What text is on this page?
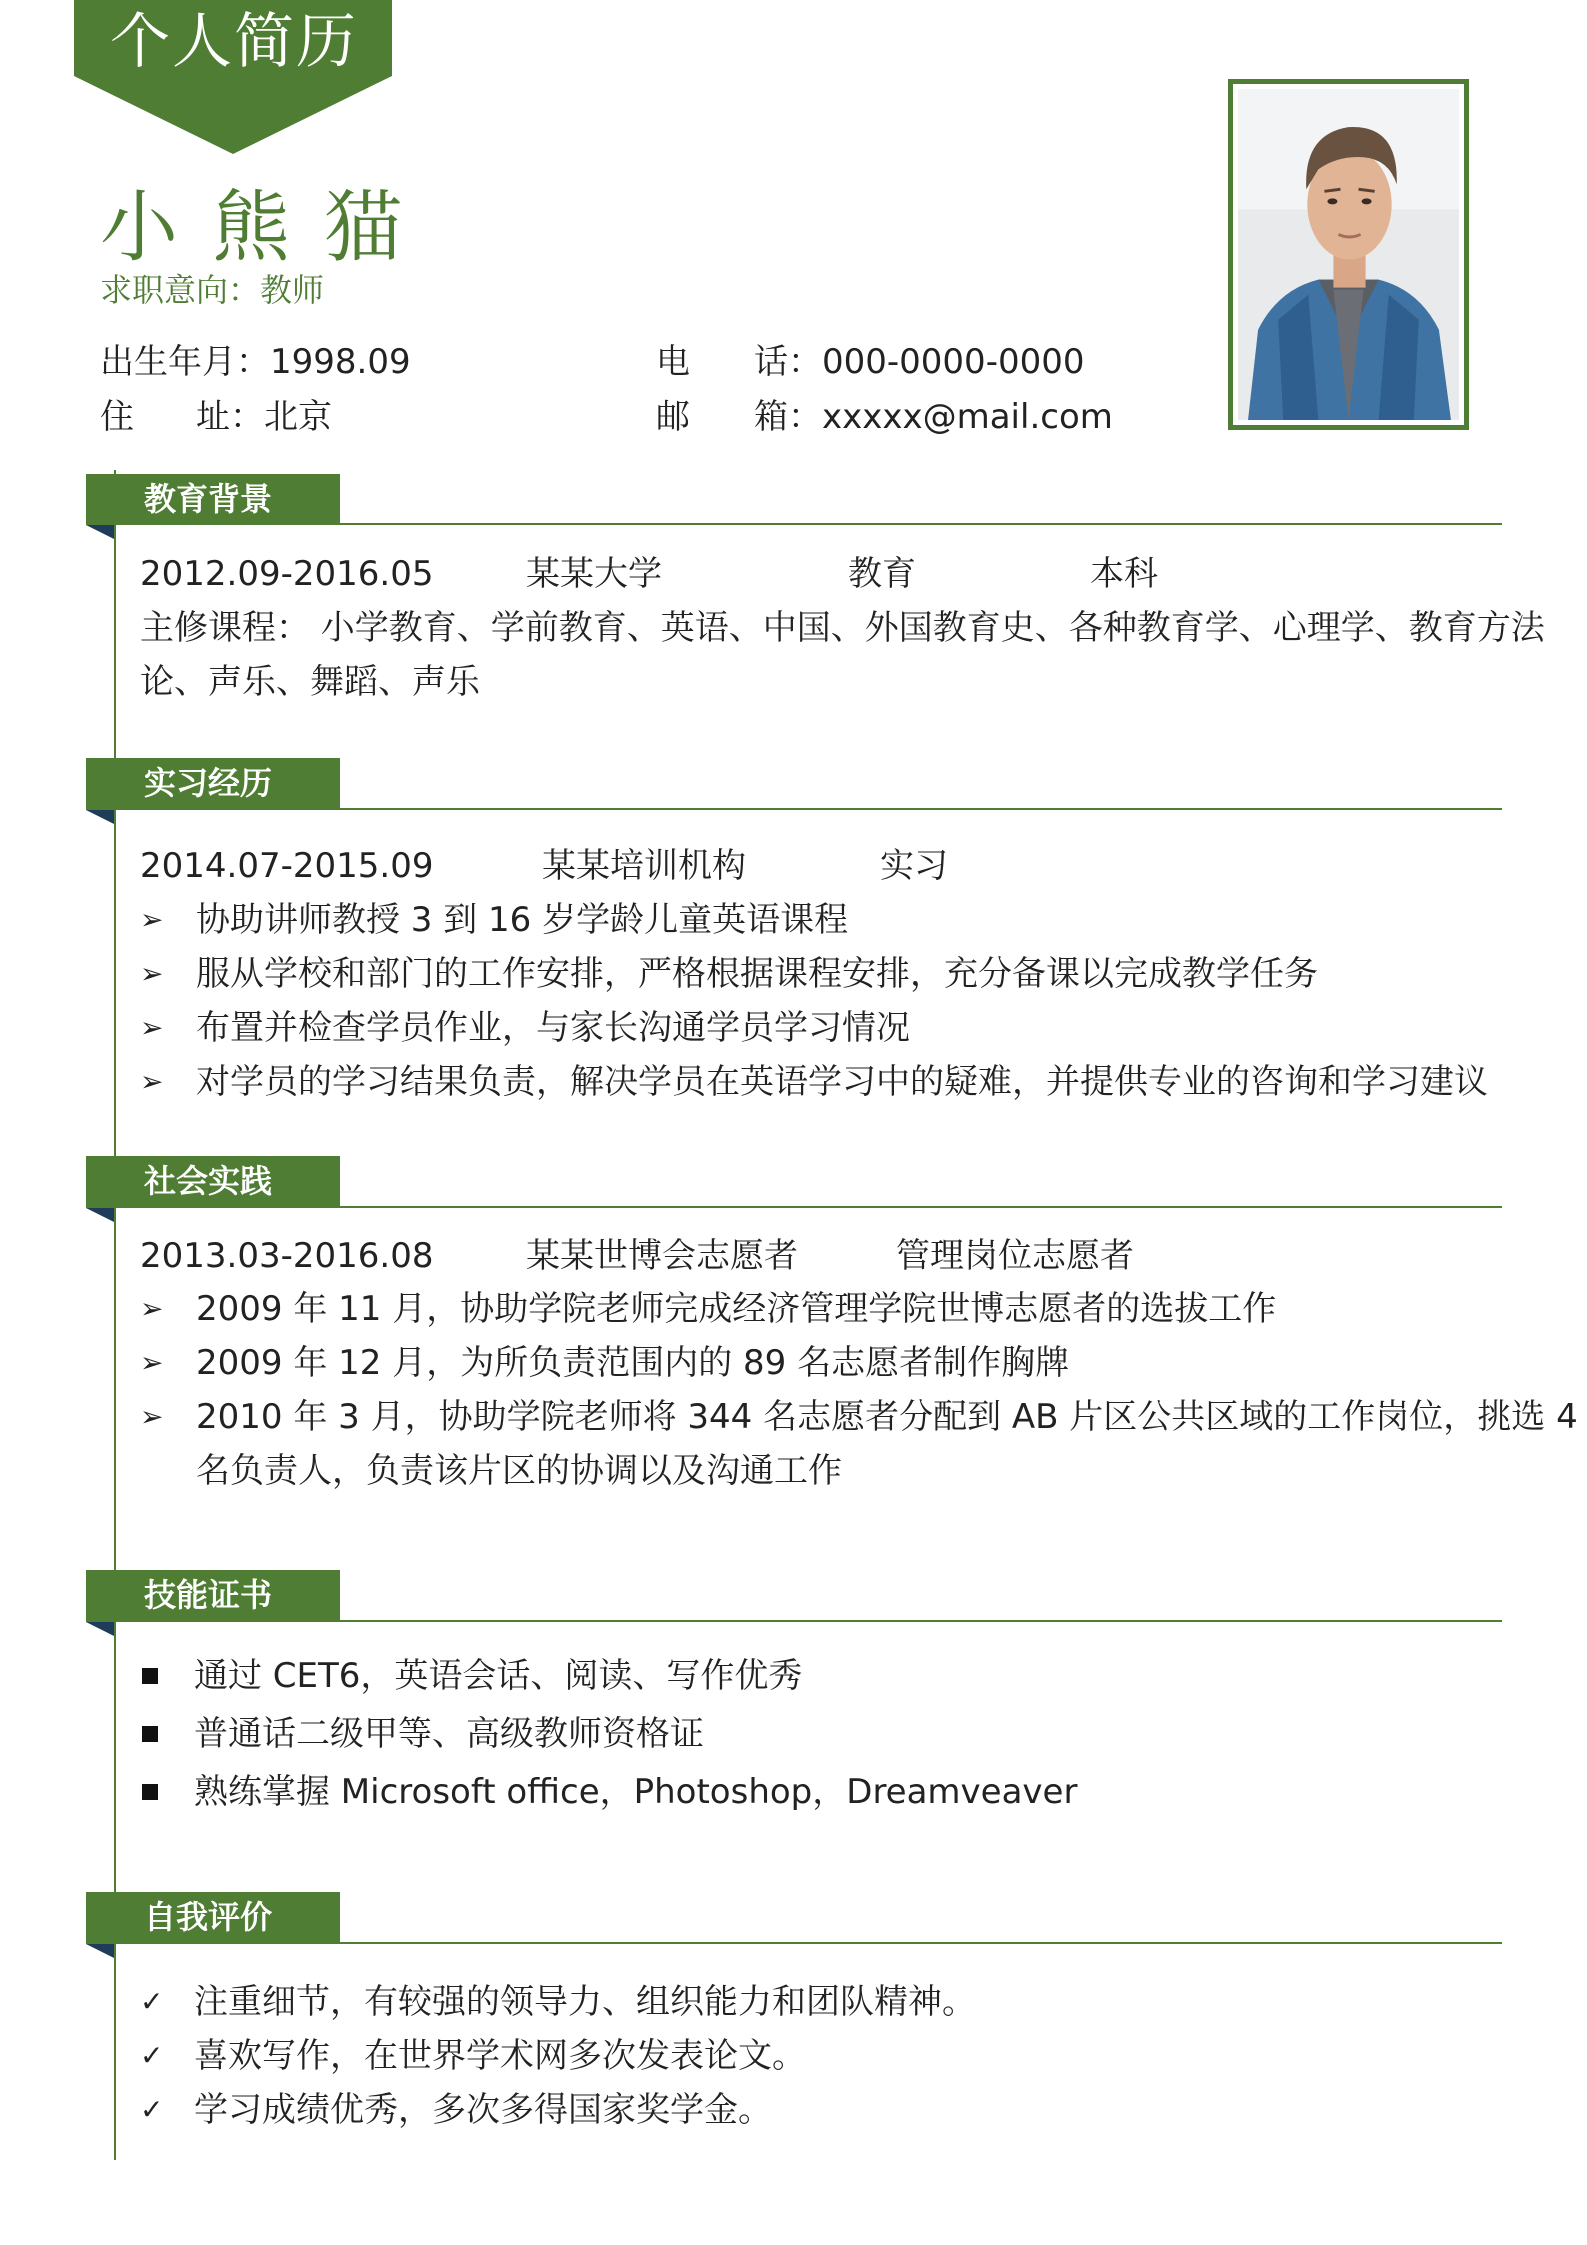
个人简历
小熊猫
求职意向：教师
出生年月：1998.09
住 址：北京
电 话：000-0000-0000
邮 箱：xxxxx@mail.com
教育背景
2012.09-2016.05	某某大学	教育	本科
主修课程： 小学教育、学前教育、英语、中国、外国教育史、各种教育学、心理学、教育方法
论、声乐、舞蹈、声乐
实习经历
2014.07-2015.09	某某培训机构	实习
➢ 协助讲师教授 3 到 16 岁学龄儿童英语课程
➢ 服从学校和部门的工作安排，严格根据课程安排，充分备课以完成教学任务
➢ 布置并检查学员作业，与家长沟通学员学习情况
➢ 对学员的学习结果负责，解决学员在英语学习中的疑难，并提供专业的咨询和学习建议
社会实践
2013.03-2016.08	某某世博会志愿者	管理岗位志愿者
➢ 2009 年 11 月，协助学院老师完成经济管理学院世博志愿者的选拔工作
➢ 2009 年 12 月，为所负责范围内的 89 名志愿者制作胸牌
➢ 2010 年 3 月，协助学院老师将 344 名志愿者分配到 AB 片区公共区域的工作岗位，挑选 4
名负责人，负责该片区的协调以及沟通工作
技能证书
通过 CET6，英语会话、阅读、写作优秀
普通话二级甲等、高级教师资格证
熟练掌握 Microsoft office，Photoshop，Dreamveaver
自我评价
✓ 注重细节，有较强的领导力、组织能力和团队精神。
✓ 喜欢写作，在世界学术网多次发表论文。
✓ 学习成绩优秀，多次多得国家奖学金。
